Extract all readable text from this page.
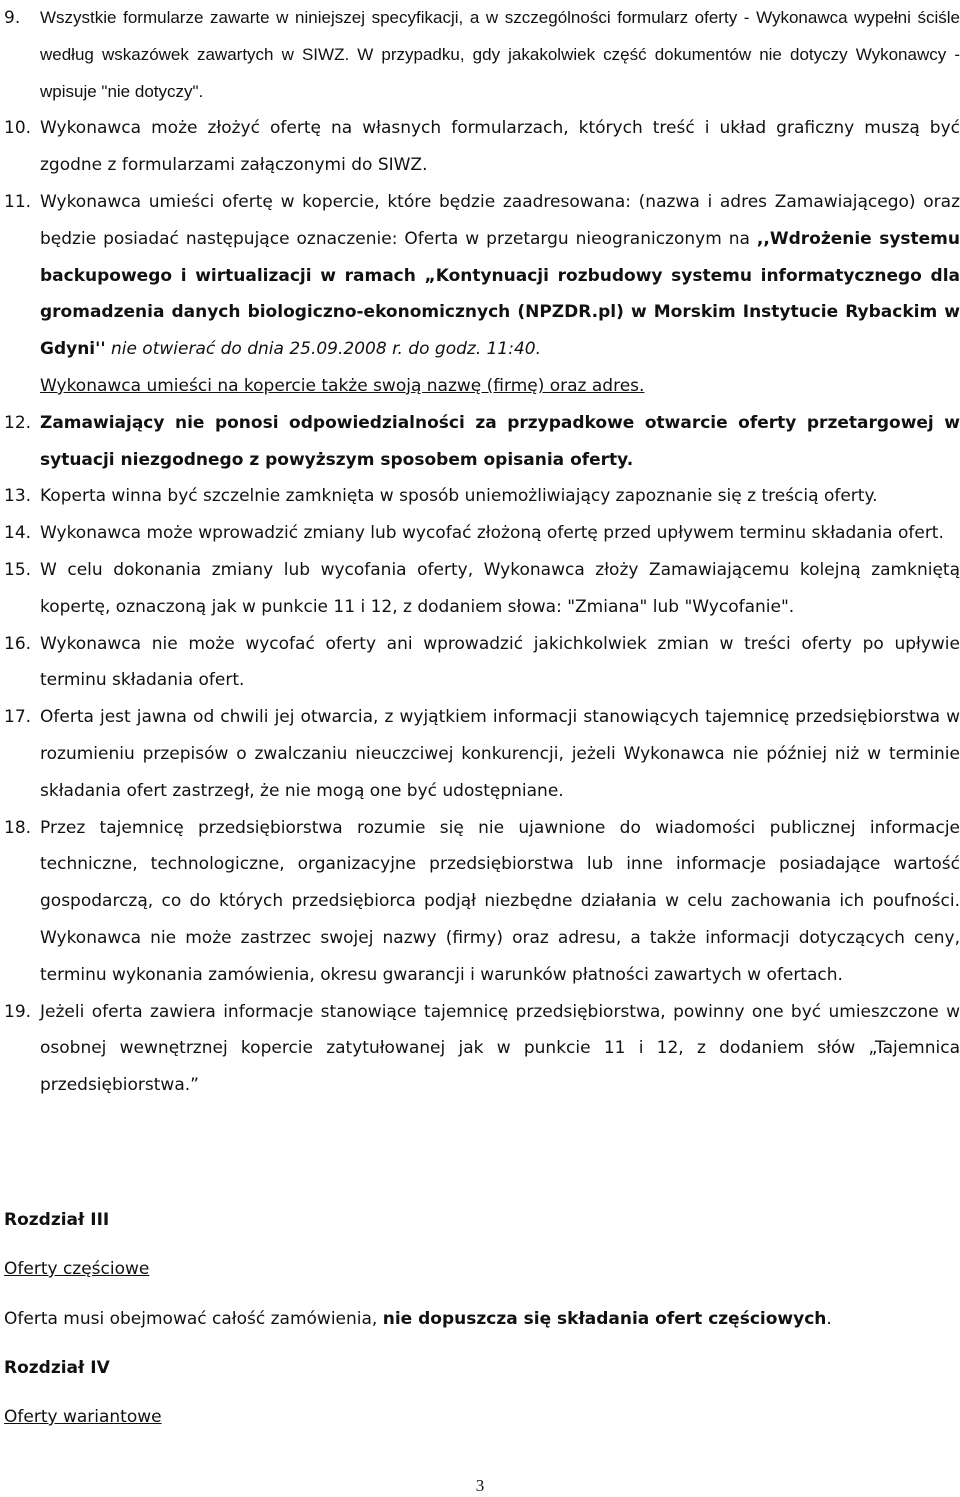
9. Wszystkie formularze zawarte w niniejszej specyfikacji, a w szczególności formularz oferty - Wykonawca wypełni ściśle według wskazówek zawartych w SIWZ. W przypadku, gdy jakakolwiek część dokumentów nie dotyczy Wykonawcy - wpisuje "nie dotyczy".
10. Wykonawca może złożyć ofertę na własnych formularzach, których treść i układ graficzny muszą być zgodne z formularzami załączonymi do SIWZ.
11. Wykonawca umieści ofertę w kopercie, które będzie zaadresowana: (nazwa i adres Zamawiającego) oraz będzie posiadać następujące oznaczenie: Oferta w przetargu nieograniczonym na ,,Wdrożenie systemu backupowego i wirtualizacji w ramach „Kontynuacji rozbudowy systemu informatycznego dla gromadzenia danych biologiczno-ekonomicznych (NPZDR.pl) w Morskim Instytucie Rybackim w Gdyni'' nie otwierać do dnia 25.09.2008 r. do godz. 11:40.
Wykonawca umieści na kopercie także swoją nazwę (firmę) oraz adres.
12. Zamawiający nie ponosi odpowiedzialności za przypadkowe otwarcie oferty przetargowej w sytuacji niezgodnego z powyższym sposobem opisania oferty.
13. Koperta winna być szczelnie zamknięta w sposób uniemożliwiający zapoznanie się z treścią oferty.
14. Wykonawca może wprowadzić zmiany lub wycofać złożoną ofertę przed upływem terminu składania ofert.
15. W celu dokonania zmiany lub wycofania oferty, Wykonawca złoży Zamawiającemu kolejną zamkniętą kopertę, oznaczoną jak w punkcie 11 i 12, z dodaniem słowa: "Zmiana" lub "Wycofanie".
16. Wykonawca nie może wycofać oferty ani wprowadzić jakichkolwiek zmian w treści oferty po upływie terminu składania ofert.
17. Oferta jest jawna od chwili jej otwarcia, z wyjątkiem informacji stanowiących tajemnicę przedsiębiorstwa w rozumieniu przepisów o zwalczaniu nieuczciwej konkurencji, jeżeli Wykonawca nie później niż w terminie składania ofert zastrzegł, że nie mogą one być udostępniane.
18. Przez tajemnicę przedsiębiorstwa rozumie się nie ujawnione do wiadomości publicznej informacje techniczne, technologiczne, organizacyjne przedsiębiorstwa lub inne informacje posiadające wartość gospodarczą, co do których przedsiębiorca podjął niezbędne działania w celu zachowania ich poufności. Wykonawca nie może zastrzec swojej nazwy (firmy) oraz adresu, a także informacji dotyczących ceny, terminu wykonania zamówienia, okresu gwarancji i warunków płatności zawartych w ofertach.
19. Jeżeli oferta zawiera informacje stanowiące tajemnicę przedsiębiorstwa, powinny one być umieszczone w osobnej wewnętrznej kopercie zatytułowanej jak w punkcie 11 i 12, z dodaniem słów „Tajemnica przedsiębiorstwa.”
Rozdział III
Oferty częściowe
Oferta musi obejmować całość zamówienia, nie dopuszcza się składania ofert częściowych.
Rozdział IV
Oferty wariantowe
3
